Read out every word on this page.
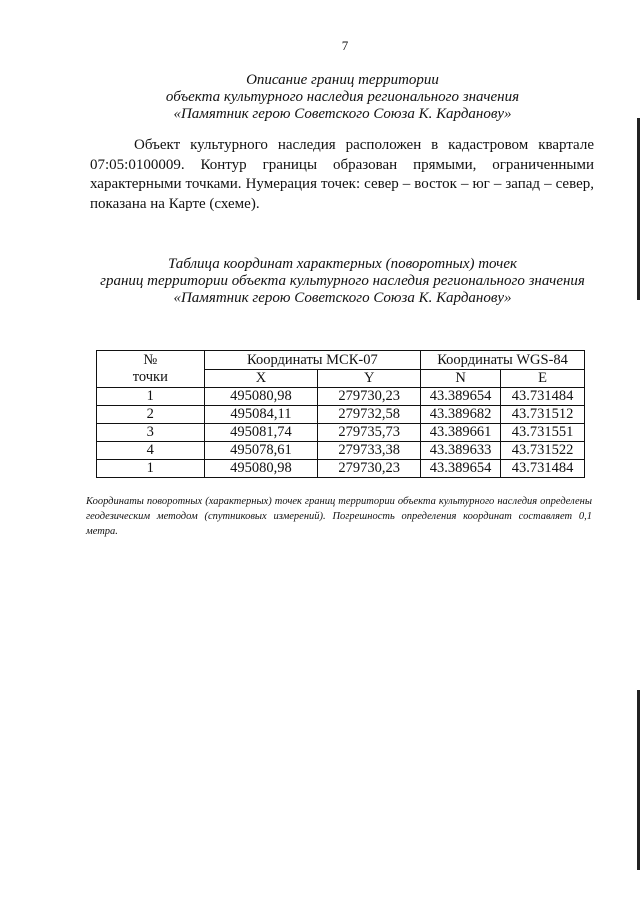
7
Описание границ территории
объекта культурного наследия регионального значения
«Памятник герою Советского Союза К. Карданову»

Объект культурного наследия расположен в кадастровом квартале 07:05:0100009. Контур границы образован прямыми, ограниченными характерными точками. Нумерация точек: север – восток – юг – запад – север, показана на Карте (схеме).

Таблица координат характерных (поворотных) точек
границ территории объекта культурного наследия регионального значения
«Памятник герою Советского Союза К. Карданову»
№
точки	Координаты МСК-07		Координаты WGS-84	
	X	Y	N	E
1	495080,98	279730,23	43.389654	43.731484
2	495084,11	279732,58	43.389682	43.731512
3	495081,74	279735,73	43.389661	43.731551
4	495078,61	279733,38	43.389633	43.731522
1	495080,98	279730,23	43.389654	43.731484
Координаты поворотных (характерных) точек границ территории объекта культурного наследия определены геодезическим методом (спутниковых измерений). Погрешность определения координат составляет 0,1 метра.
